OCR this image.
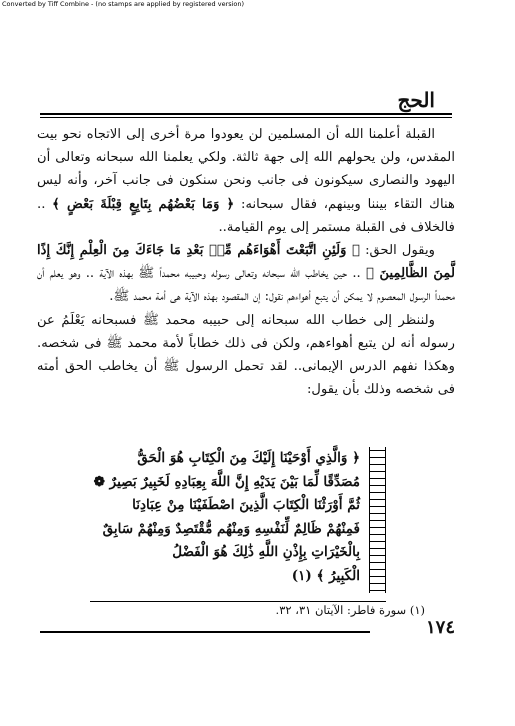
Converted by Tiff Combine - (no stamps are applied by registered version)
الحج

القبلة أعلمنا الله أن المسلمين لن يعودوا مرة أخرى إلى الاتجاه نحو بيت المقدس، ولن يحولهم الله إلى جهة ثالثة. ولكي يعلمنا الله سبحانه وتعالى أن اليهود والنصارى سيكونون فى جانب ونحن سنكون فى جانب آخر، وأنه ليس هناك التقاء بيننا وبينهم، فقال سبحانه: ﴿ وَمَا بَعْضُهُم بِتَابِعٍ قِبْلَةَ بَعْضٍ ﴾ .. فالخلاف فى القبلة مستمر إلى يوم القيامة..

ويقول الحق: ﴿ وَلَئِنِ اتَّبَعْتَ أَهْوَاءَهُم مِّنۢ بَعْدِ مَا جَاءَكَ مِنَ الْعِلْمِ إِنَّكَ إِذًا لَّمِنَ الظَّالِمِينَ ﴾ .. حين يخاطب الله سبحانه وتعالى رسوله وحبيبه محمداً ﷺ بهذه الآية .. وهو يعلم أن محمداً الرسول المعصوم لا يمكن أن يتبع أهواءهم نقول: إن المقصود بهذه الآية هى أمة محمد ﷺ.

ولننظر إلى خطاب الله سبحانه إلى حبيبه محمد ﷺ فسبحانه يَعْلَمُ عن رسوله أنه لن يتبع أهواءهم، ولكن فى ذلك خطاباً لأمة محمد ﷺ فى شخصه. وهكذا نفهم الدرس الإيمانى.. لقد تحمل الرسول ﷺ أن يخاطب الحق أمته فى شخصه وذلك بأن يقول:

﴿ وَالَّذِي أَوْحَيْنَا إِلَيْكَ مِنَ الْكِتَابِ هُوَ الْحَقُّ

مُصَدِّقًا لِّمَا بَيْنَ يَدَيْهِ إِنَّ اللَّهَ بِعِبَادِهِ لَخَبِيرٌ بَصِيرٌ ❁

ثُمَّ أَوْرَثْنَا الْكِتَابَ الَّذِينَ اصْطَفَيْنَا مِنْ عِبَادِنَا

فَمِنْهُمْ ظَالِمٌ لِّنَفْسِهِ وَمِنْهُم مُّقْتَصِدٌ وَمِنْهُمْ سَابِقٌ

بِالْخَيْرَاتِ بِإِذْنِ اللَّهِ ذَٰلِكَ هُوَ الْفَضْلُ

الْكَبِيرُ ﴾ (١)

(١) سورة فاطر: الآيتان ٣١، ٣٢.
١٧٤
